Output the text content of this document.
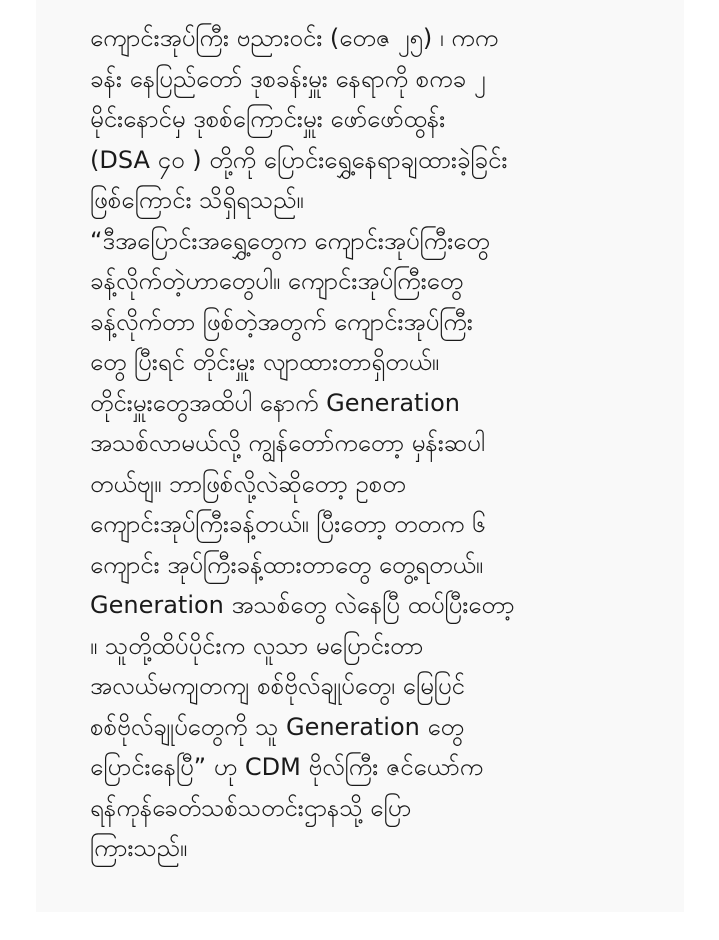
ကျောင်းအုပ်ကြီး ဗညားဝင်း (တေဇ ၂၅) ၊ ကက
ခန်း နေပြည်တော် ဒုစခန်းမှူး နေရာကို စကခ ၂
မိုင်းနောင်မှ ဒုစစ်ကြောင်းမှူး ဖော်ဖော်ထွန်း
(DSA ၄၀ ) တို့ကို ပြောင်းရွှေ့နေရာချထားခဲ့ခြင်း
ဖြစ်ကြောင်း သိရှိရသည်။
“ဒီအပြောင်းအရွှေ့တွေက ကျောင်းအုပ်ကြီးတွေ
ခန့်လိုက်တဲ့ဟာတွေပါ။ ကျောင်းအုပ်ကြီးတွေ
ခန့်လိုက်တာ ဖြစ်တဲ့အတွက် ကျောင်းအုပ်ကြီး
တွေ ပြီးရင် တိုင်းမှူး လျာထားတာရှိတယ်။
တိုင်းမှူးတွေအထိပါ နောက် Generation
အသစ်လာမယ်လို့ ကျွန်တော်ကတော့ မှန်းဆပါ
တယ်ဗျ။ ဘာဖြစ်လို့လဲဆိုတော့ ဥစတ
ကျောင်းအုပ်ကြီးခန့်တယ်။ ပြီးတော့ တတက ၆
ကျောင်း အုပ်ကြီးခန့်ထားတာတွေ တွေ့ရတယ်။
Generation အသစ်တွေ လဲနေပြီ ထပ်ပြီးတော့
။ သူတို့ထိပ်ပိုင်းက လူသာ မပြောင်းတာ
အလယ်မကျတကျ စစ်ဗိုလ်ချုပ်တွေ၊ မြေပြင်
စစ်ဗိုလ်ချုပ်တွေကို သူ Generation တွေ
ပြောင်းနေပြီ” ဟု CDM ဗိုလ်ကြီး ဇင်ယော်က
ရန်ကုန်ခေတ်သစ်သတင်းဌာနသို့ ပြော
ကြားသည်။
